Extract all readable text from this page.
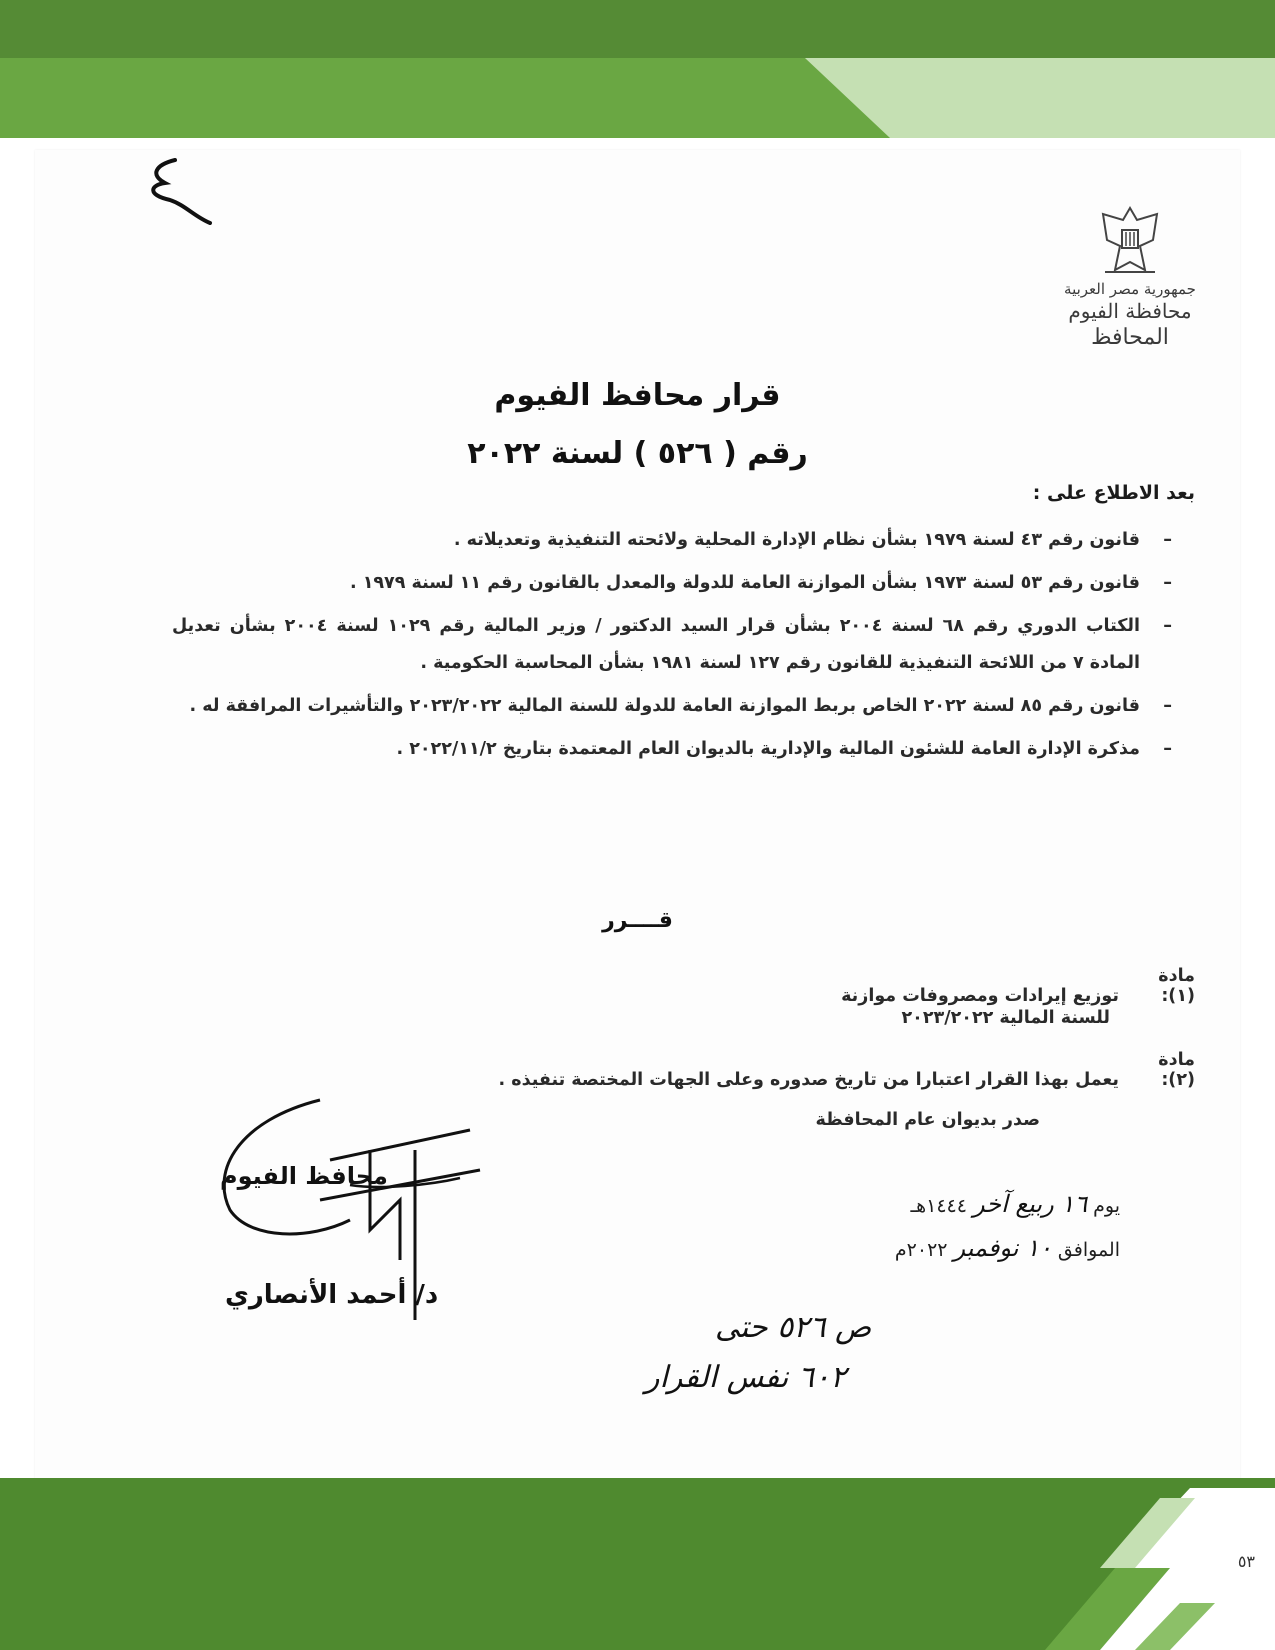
جمهورية مصر العربية
محافظة الفيوم
المحافظ
قرار محافظ الفيوم
رقم ( ٥٢٦ ) لسنة ٢٠٢٢
بعد الاطلاع على :
–
قانون رقم ٤٣ لسنة ١٩٧٩ بشأن نظام الإدارة المحلية ولائحته التنفيذية وتعديلاته .
–
قانون رقم ٥٣ لسنة ١٩٧٣ بشأن الموازنة العامة للدولة والمعدل بالقانون رقم ١١ لسنة ١٩٧٩ .
–
الكتاب الدوري رقم ٦٨ لسنة ٢٠٠٤ بشأن قرار السيد الدكتور / وزير المالية رقم ١٠٢٩ لسنة ٢٠٠٤ بشأن تعديل المادة ٧ من اللائحة التنفيذية للقانون رقم ١٢٧ لسنة ١٩٨١ بشأن المحاسبة الحكومية .
–
قانون رقم ٨٥ لسنة ٢٠٢٢ الخاص بربط الموازنة العامة للدولة للسنة المالية ٢٠٢٣/٢٠٢٢ والتأشيرات المرافقة له .
–
مذكرة الإدارة العامة للشئون المالية والإدارية بالديوان العام المعتمدة بتاريخ ٢٠٢٢/١١/٢ .
قــــرر
مادة (١): توزيع إيرادات ومصروفات موازنة
للسنة المالية ٢٠٢٣/٢٠٢٢
مادة (٢): يعمل بهذا القرار اعتبارا من تاريخ صدوره وعلى الجهات المختصة تنفيذه .
صدر بديوان عام المحافظة
محافظ الفيوم
د/ أحمد الأنصاري
يوم ١٦ ربيع آخر ١٤٤٤هـ
الموافق ١٠ نوفمبر ٢٠٢٢م
ص ٥٢٦ حتى
٦٠٢ نفس القرار
٥٣
